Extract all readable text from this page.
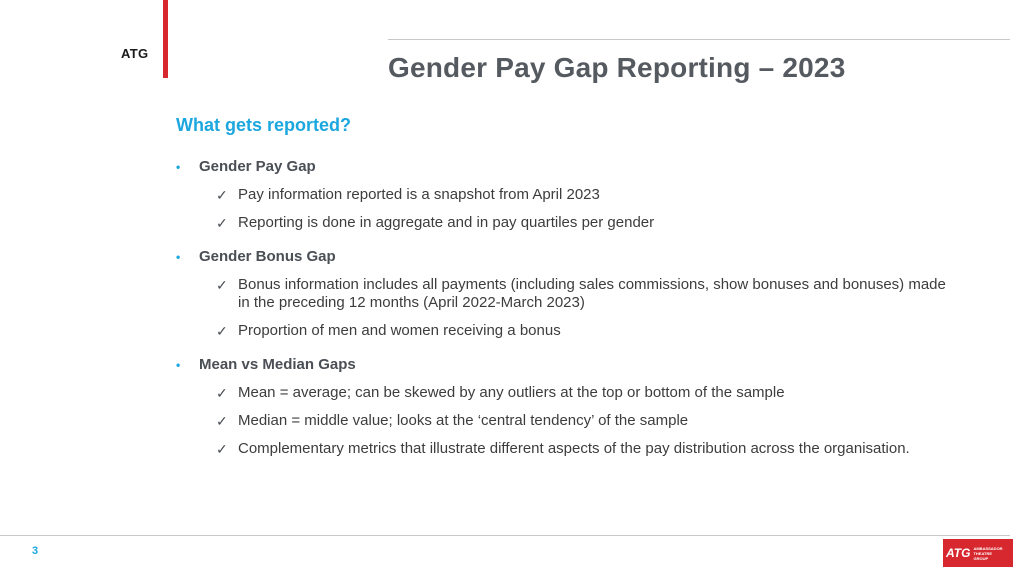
ATG	Gender Pay Gap Reporting – 2023
What gets reported?
•	Gender Pay Gap
✓ Pay information reported is a snapshot from April 2023
✓ Reporting is done in aggregate and in pay quartiles per gender
•	Gender Bonus Gap
✓ Bonus information includes all payments (including sales commissions, show bonuses and bonuses) made in the preceding 12 months (April 2022-March 2023)
✓ Proportion of men and women receiving a bonus
•	Mean vs Median Gaps
✓ Mean = average; can be skewed by any outliers at the top or bottom of the sample
✓ Median = middle value; looks at the ‘central tendency’ of the sample
✓ Complementary metrics that illustrate different aspects of the pay distribution across the organisation.
3	ATG AMBASSADOR
THEATRE
GROUP
